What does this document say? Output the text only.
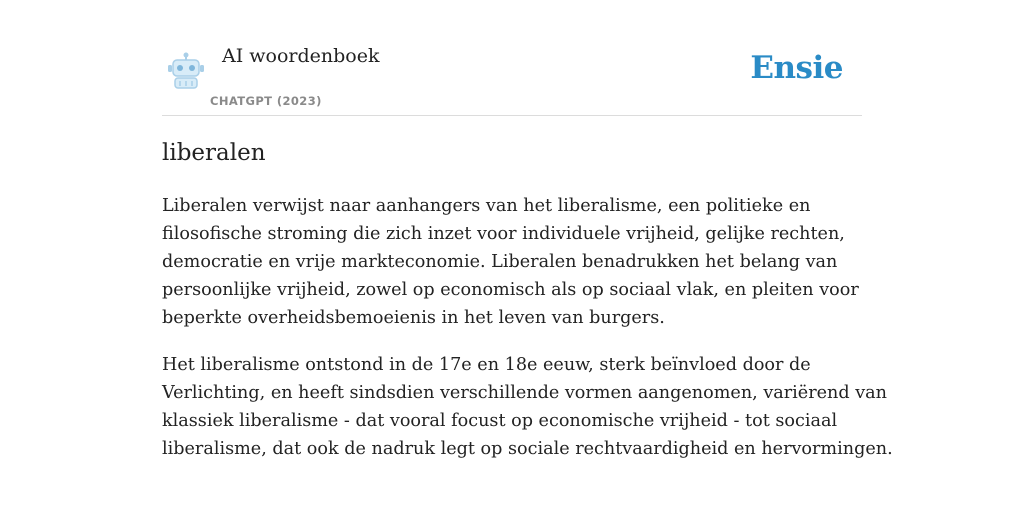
AI woordenboek
CHATGPT (2023)
Ensie
liberalen

Liberalen verwijst naar aanhangers van het liberalisme, een politieke en
filosofische stroming die zich inzet voor individuele vrijheid, gelijke rechten,
democratie en vrije markteconomie. Liberalen benadrukken het belang van
persoonlijke vrijheid, zowel op economisch als op sociaal vlak, en pleiten voor
beperkte overheidsbemoeienis in het leven van burgers.

Het liberalisme ontstond in de 17e en 18e eeuw, sterk beïnvloed door de
Verlichting, en heeft sindsdien verschillende vormen aangenomen, variërend van
klassiek liberalisme - dat vooral focust op economische vrijheid - tot sociaal
liberalisme, dat ook de nadruk legt op sociale rechtvaardigheid en hervormingen.
